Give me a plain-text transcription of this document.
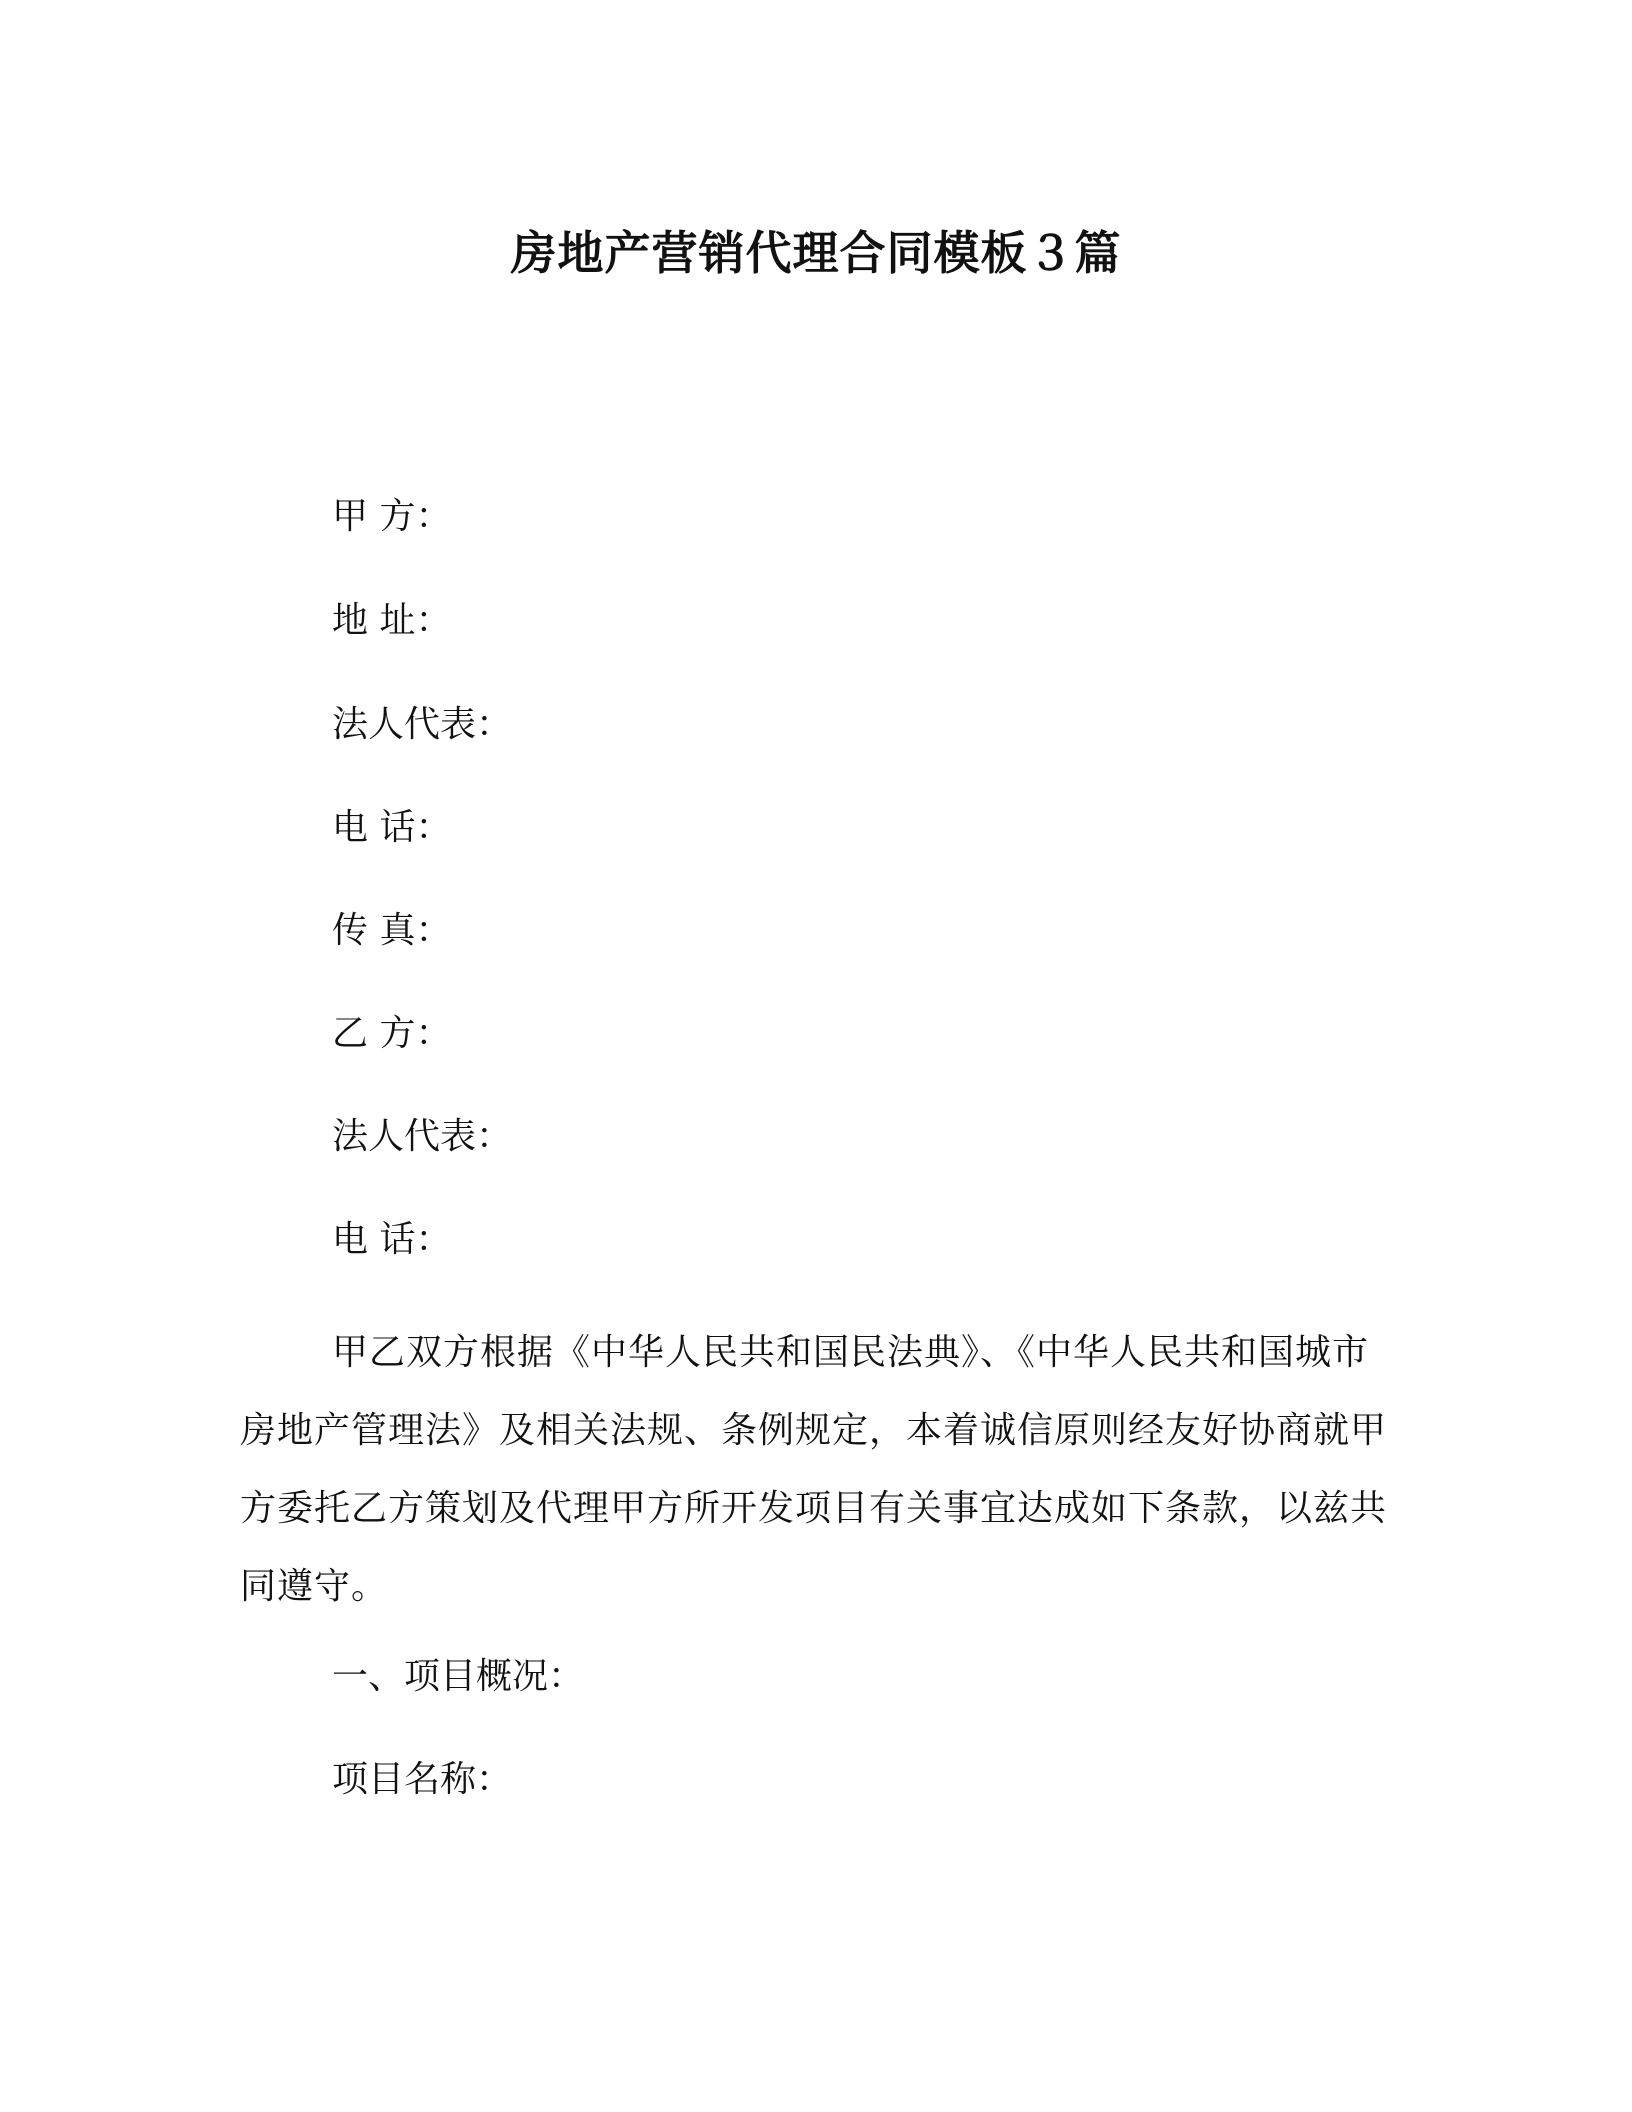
房地产营销代理合同模板３篇
甲 方：
地 址：
法人代表：
电 话：
传 真：
乙 方：
法人代表：
电 话：

甲乙双方根据《中华人民共和国民法典》、《中华人民共和国城市房地产管理法》及相关法规、条例规定，本着诚信原则经友好协商就甲方委托乙方策划及代理甲方所开发项目有关事宜达成如下条款，以兹共同遵守。

一、项目概况：
项目名称：
